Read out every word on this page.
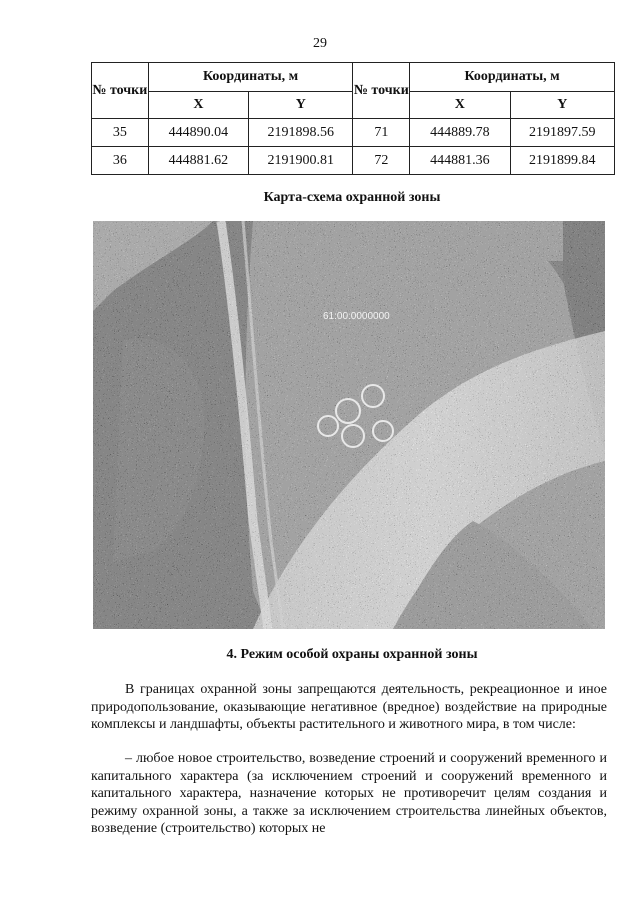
29
№ точки	Координаты, м		№ точки	Координаты, м	
	X	Y		X	Y
35	444890.04	2191898.56	71	444889.78	2191897.59
36	444881.62	2191900.81	72	444881.36	2191899.84
Карта-схема охранной зоны
61:00:0000000
4. Режим особой охраны охранной зоны

В границах охранной зоны запрещаются деятельность, рекреационное и иное природопользование, оказывающие негативное (вредное) воздействие на природные комплексы и ландшафты, объекты растительного и животного мира, в том числе:

– любое новое строительство, возведение строений и сооружений временного и капитального характера (за исключением строений и сооружений временного и капитального характера, назначение которых не противоречит целям создания и режиму охранной зоны, а также за исключением строительства линейных объектов, возведение (строительство) которых не
